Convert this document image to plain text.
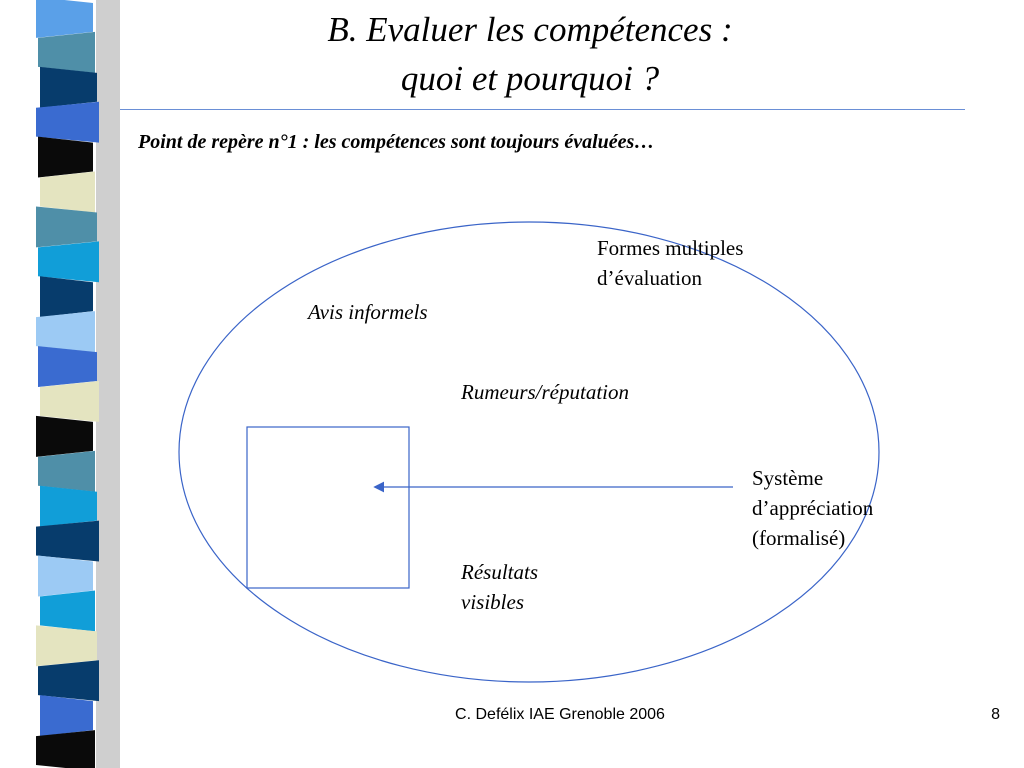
B. Evaluer les compétences :
quoi et pourquoi ?
Point de repère n°1 : les compétences sont toujours évaluées…
Formes multiples
d’évaluation
Avis informels
Rumeurs/réputation
Résultats
visibles
Système
d’appréciation
(formalisé)
C. Defélix IAE Grenoble 2006	8
